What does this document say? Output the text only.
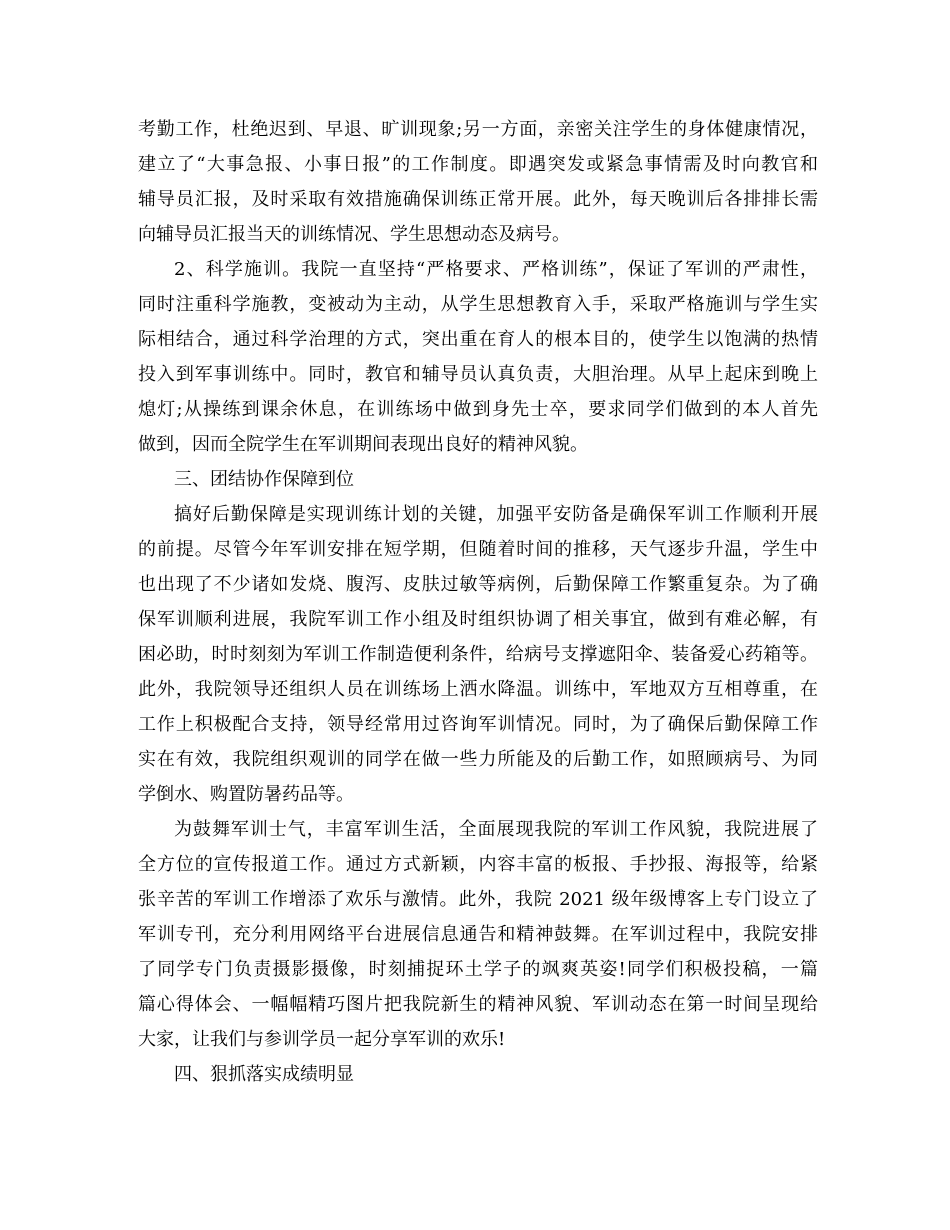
考勤工作，杜绝迟到、早退、旷训现象;另一方面，亲密关注学生的身体健康情况，
建立了“大事急报、小事日报”的工作制度。即遇突发或紧急事情需及时向教官和
辅导员汇报，及时采取有效措施确保训练正常开展。此外，每天晚训后各排排长需
向辅导员汇报当天的训练情况、学生思想动态及病号。
2、科学施训。我院一直坚持“严格要求、严格训练”，保证了军训的严肃性，
同时注重科学施教，变被动为主动，从学生思想教育入手，采取严格施训与学生实
际相结合，通过科学治理的方式，突出重在育人的根本目的，使学生以饱满的热情
投入到军事训练中。同时，教官和辅导员认真负责，大胆治理。从早上起床到晚上
熄灯;从操练到课余休息，在训练场中做到身先士卒，要求同学们做到的本人首先
做到，因而全院学生在军训期间表现出良好的精神风貌。
三、团结协作保障到位
搞好后勤保障是实现训练计划的关键，加强平安防备是确保军训工作顺利开展
的前提。尽管今年军训安排在短学期，但随着时间的推移，天气逐步升温，学生中
也出现了不少诸如发烧、腹泻、皮肤过敏等病例，后勤保障工作繁重复杂。为了确
保军训顺利进展，我院军训工作小组及时组织协调了相关事宜，做到有难必解，有
困必助，时时刻刻为军训工作制造便利条件，给病号支撑遮阳伞、装备爱心药箱等。
此外，我院领导还组织人员在训练场上洒水降温。训练中，军地双方互相尊重，在
工作上积极配合支持，领导经常用过咨询军训情况。同时，为了确保后勤保障工作
实在有效，我院组织观训的同学在做一些力所能及的后勤工作，如照顾病号、为同
学倒水、购置防暑药品等。
为鼓舞军训士气，丰富军训生活，全面展现我院的军训工作风貌，我院进展了
全方位的宣传报道工作。通过方式新颖，内容丰富的板报、手抄报、海报等，给紧
张辛苦的军训工作增添了欢乐与激情。此外，我院 2021 级年级博客上专门设立了
军训专刊，充分利用网络平台进展信息通告和精神鼓舞。在军训过程中，我院安排
了同学专门负责摄影摄像，时刻捕捉环土学子的飒爽英姿!同学们积极投稿，一篇
篇心得体会、一幅幅精巧图片把我院新生的精神风貌、军训动态在第一时间呈现给
大家，让我们与参训学员一起分享军训的欢乐!
四、狠抓落实成绩明显
